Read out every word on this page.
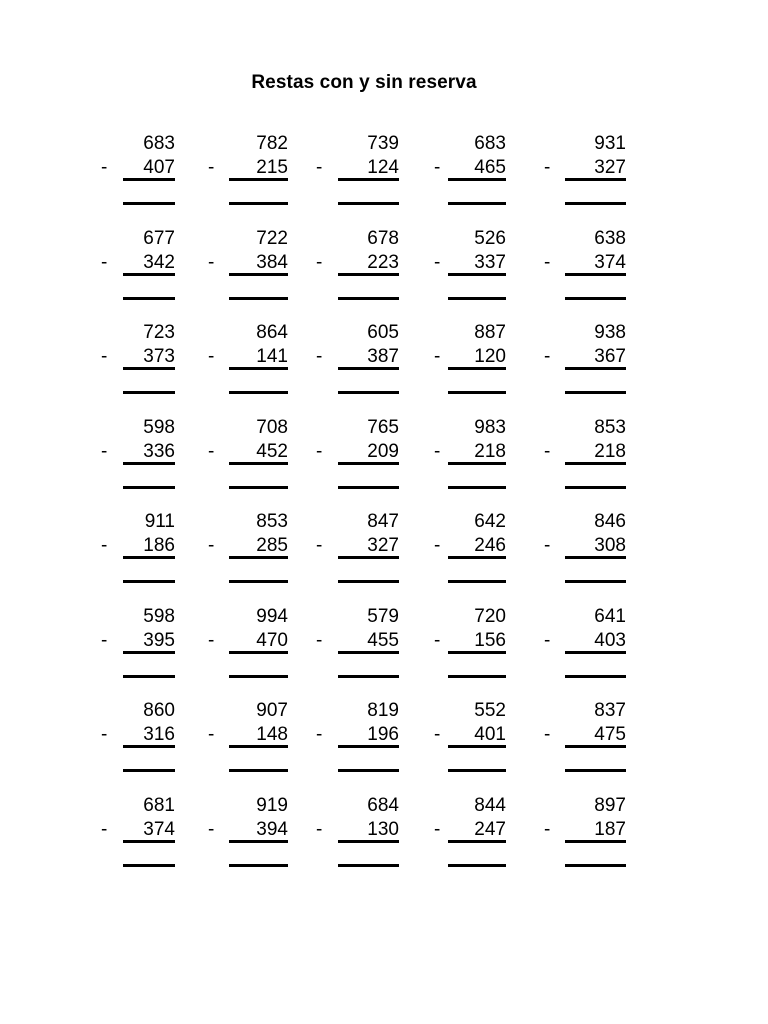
Restas con y sin reserva
683
407
-
782
215
-
739
124
-
683
465
-
931
327
-
677
342
-
722
384
-
678
223
-
526
337
-
638
374
-
723
373
-
864
141
-
605
387
-
887
120
-
938
367
-
598
336
-
708
452
-
765
209
-
983
218
-
853
218
-
911
186
-
853
285
-
847
327
-
642
246
-
846
308
-
598
395
-
994
470
-
579
455
-
720
156
-
641
403
-
860
316
-
907
148
-
819
196
-
552
401
-
837
475
-
681
374
-
919
394
-
684
130
-
844
247
-
897
187
-
